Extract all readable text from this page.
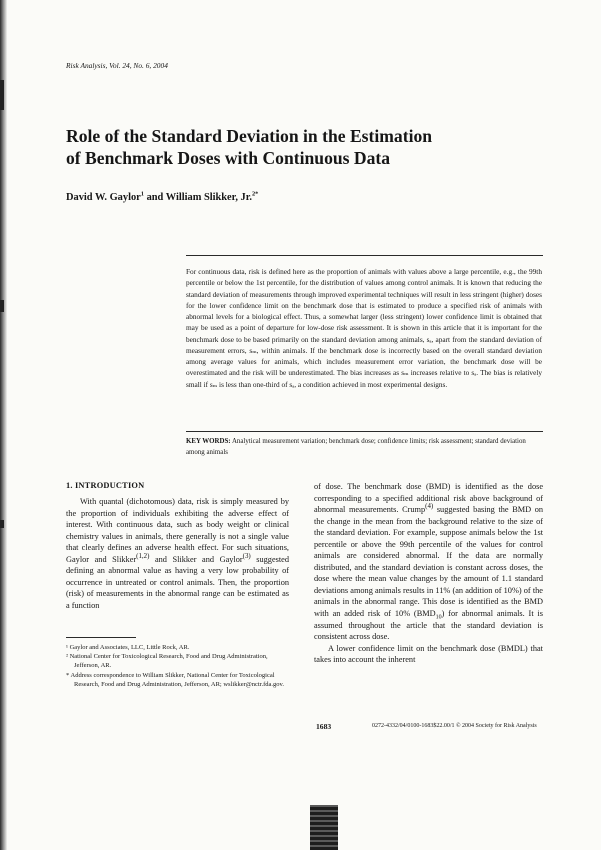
Risk Analysis, Vol. 24, No. 6, 2004
Role of the Standard Deviation in the Estimation
of Benchmark Doses with Continuous Data
David W. Gaylor$^1$ and William Slikker, Jr.$^{2*}$

For continuous data, risk is defined here as the proportion of animals with values above a large percentile, e.g., the 99th percentile or below the 1st percentile, for the distribution of values among control animals. It is known that reducing the standard deviation of measurements through improved experimental techniques will result in less stringent (higher) doses for the lower confidence limit on the benchmark dose that is estimated to produce a specified risk of animals with abnormal levels for a biological effect. Thus, a somewhat larger (less stringent) lower confidence limit is obtained that may be used as a point of departure for low-dose risk assessment. It is shown in this article that it is important for the benchmark dose to be based primarily on the standard deviation among animals, sₐ, apart from the standard deviation of measurement errors, sₘ, within animals. If the benchmark dose is incorrectly based on the overall standard deviation among average values for animals, which includes measurement error variation, the benchmark dose will be overestimated and the risk will be underestimated. The bias increases as sₘ increases relative to sₐ. The bias is relatively small if sₘ is less than one-third of sₐ, a condition achieved in most experimental designs.

KEY WORDS: Analytical measurement variation; benchmark dose; confidence limits; risk assessment; standard deviation among animals

1. INTRODUCTION

With quantal (dichotomous) data, risk is simply measured by the proportion of individuals exhibiting the adverse effect of interest. With continuous data, such as body weight or clinical chemistry values in animals, there generally is not a single value that clearly defines an adverse health effect. For such situations, Gaylor and Slikker$^{(1,2)}$ and Slikker and Gaylor$^{(3)}$ suggested defining an abnormal value as having a very low probability of occurrence in untreated or control animals. Then, the proportion (risk) of measurements in the abnormal range can be estimated as a function

¹ Gaylor and Associates, LLC, Little Rock, AR.
² National Center for Toxicological Research, Food and Drug Administration, Jefferson, AR.
* Address correspondence to William Slikker, National Center for Toxicological Research, Food and Drug Administration, Jefferson, AR; wslikker@nctr.fda.gov.

of dose. The benchmark dose (BMD) is identified as the dose corresponding to a specified additional risk above background of abnormal measurements. Crump$^{(4)}$ suggested basing the BMD on the change in the mean from the background relative to the size of the standard deviation. For example, suppose animals below the 1st percentile or above the 99th percentile of the values for control animals are considered abnormal. If the data are normally distributed, and the standard deviation is constant across doses, the dose where the mean value changes by the amount of 1.1 standard deviations among animals results in 11% (an addition of 10%) of the animals in the abnormal range. This dose is identified as the BMD with an added risk of 10% $(BMD_{10})$ for abnormal animals. It is assumed throughout the article that the standard deviation is consistent across dose.

A lower confidence limit on the benchmark dose (BMDL) that takes into account the inherent

1683	0272-4332/04/0100-1683$22.00/1 © 2004 Society for Risk Analysis
